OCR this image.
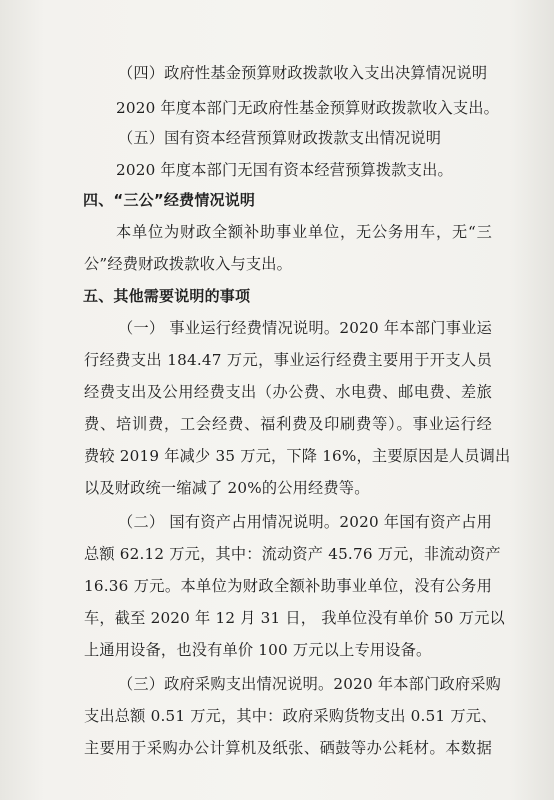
（四）政府性基金预算财政拨款收入支出决算情况说明
2020 年度本部门无政府性基金预算财政拨款收入支出。
（五）国有资本经营预算财政拨款支出情况说明
2020 年度本部门无国有资本经营预算拨款支出。
四、“三公”经费情况说明
本单位为财政全额补助事业单位，无公务用车，无“三
公”经费财政拨款收入与支出。
五、其他需要说明的事项
（一） 事业运行经费情况说明。2020 年本部门事业运
行经费支出 184.47 万元，事业运行经费主要用于开支人员
经费支出及公用经费支出（办公费、水电费、邮电费、差旅
费、培训费，工会经费、福利费及印刷费等）。事业运行经
费较 2019 年减少 35 万元，下降 16%，主要原因是人员调出
以及财政统一缩减了 20%的公用经费等。
（二） 国有资产占用情况说明。2020 年国有资产占用
总额 62.12 万元，其中：流动资产 45.76 万元，非流动资产
16.36 万元。本单位为财政全额补助事业单位，没有公务用
车，截至 2020 年 12 月 31 日， 我单位没有单价 50 万元以
上通用设备，也没有单价 100 万元以上专用设备。
（三）政府采购支出情况说明。2020 年本部门政府采购
支出总额 0.51 万元，其中：政府采购货物支出 0.51 万元、
主要用于采购办公计算机及纸张、硒鼓等办公耗材。本数据
